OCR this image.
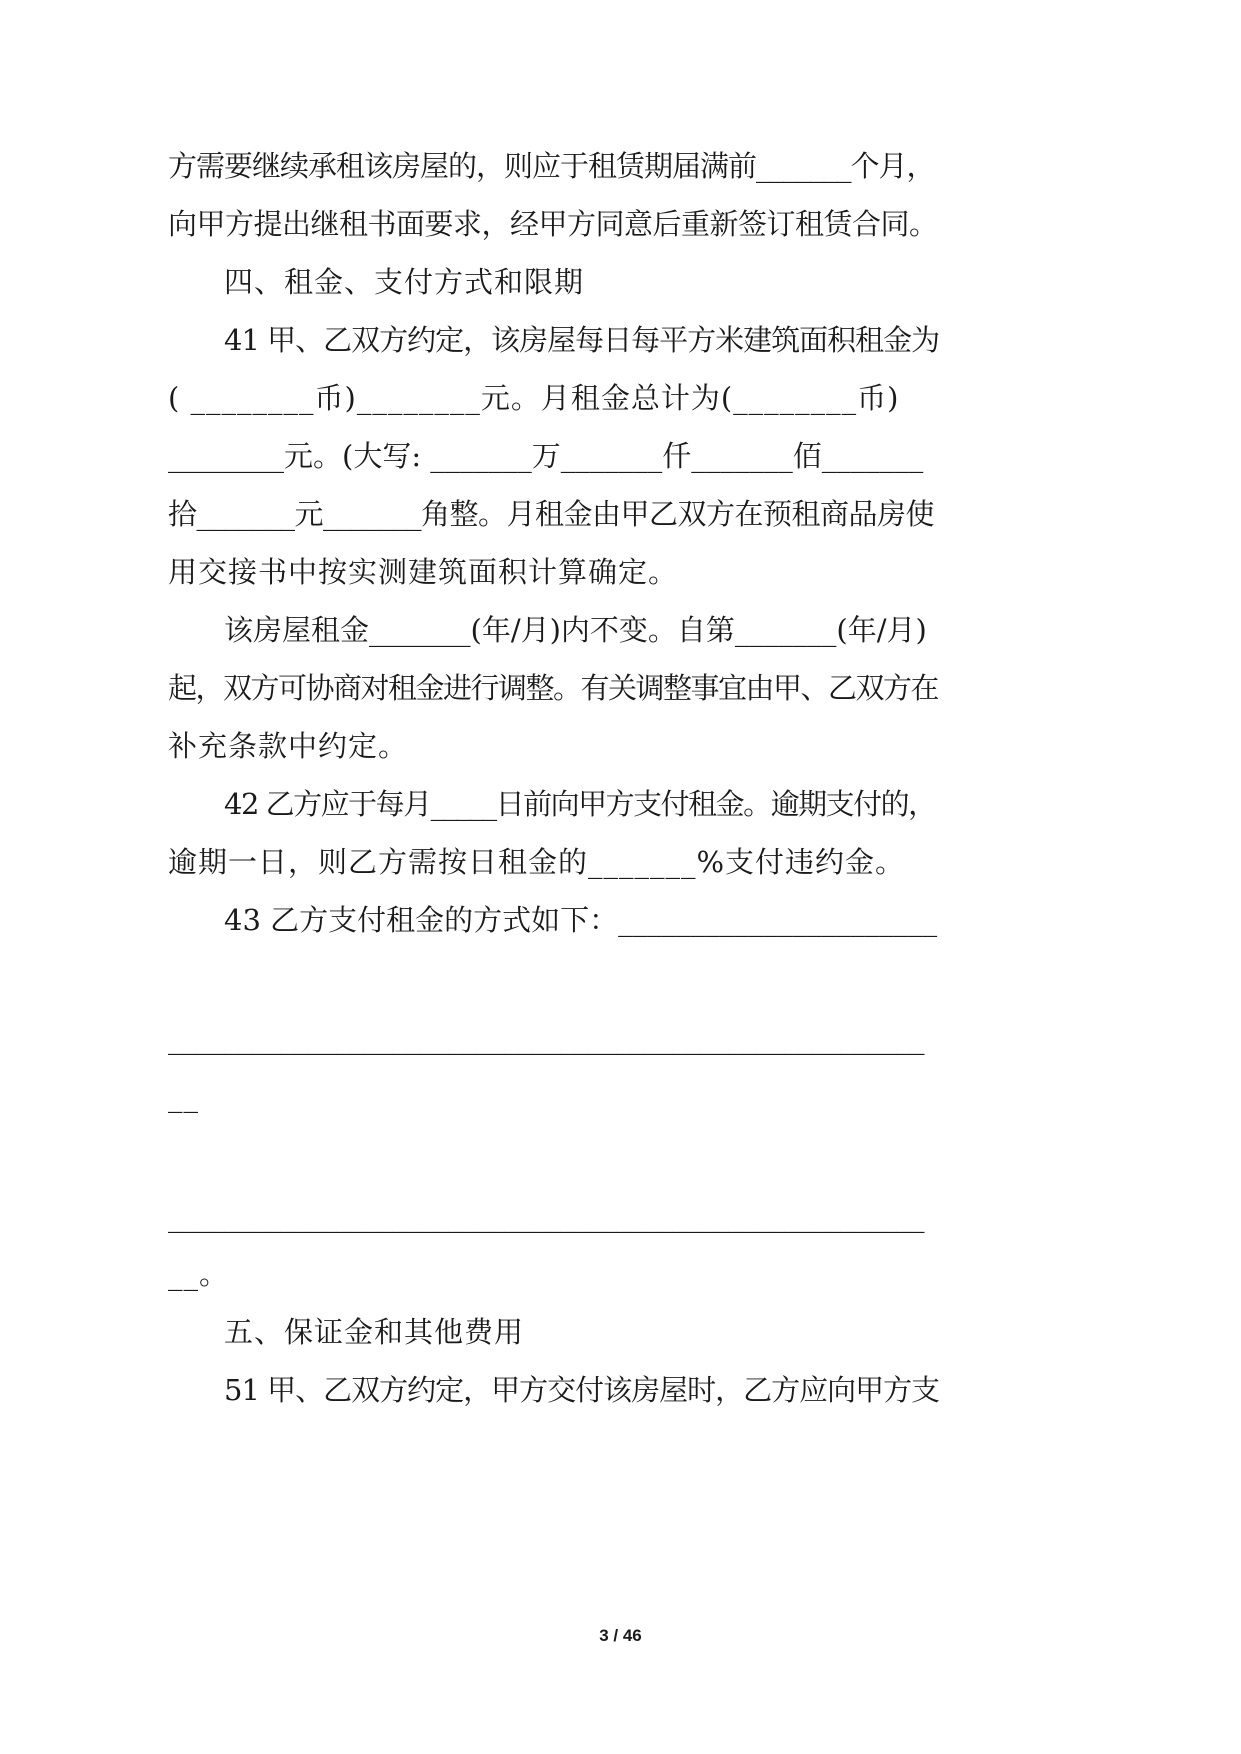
方需要继续承租该房屋的，则应于租赁期届满前_______个月，
向甲方提出继租书面要求，经甲方同意后重新签订租赁合同。
四、租金、支付方式和限期
41 甲、乙双方约定，该房屋每日每平方米建筑面积租金为
( ________币)________元。月租金总计为(________币)
________元。(大写: _______万_______仟_______佰_______
拾_______元_______角整。月租金由甲乙双方在预租商品房使
用交接书中按实测建筑面积计算确定。
该房屋租金_______(年/月)内不变。自第_______(年/月)
起，双方可协商对租金进行调整。有关调整事宜由甲、乙双方在
补充条款中约定。
42 乙方应于每月_____日前向甲方支付租金。逾期支付的，
逾期一日，则乙方需按日租金的_______%支付违约金。
43 乙方支付租金的方式如下：______________________
______________________________________________________
__
______________________________________________________
__。
五、保证金和其他费用
51 甲、乙双方约定，甲方交付该房屋时，乙方应向甲方支
3 / 46
